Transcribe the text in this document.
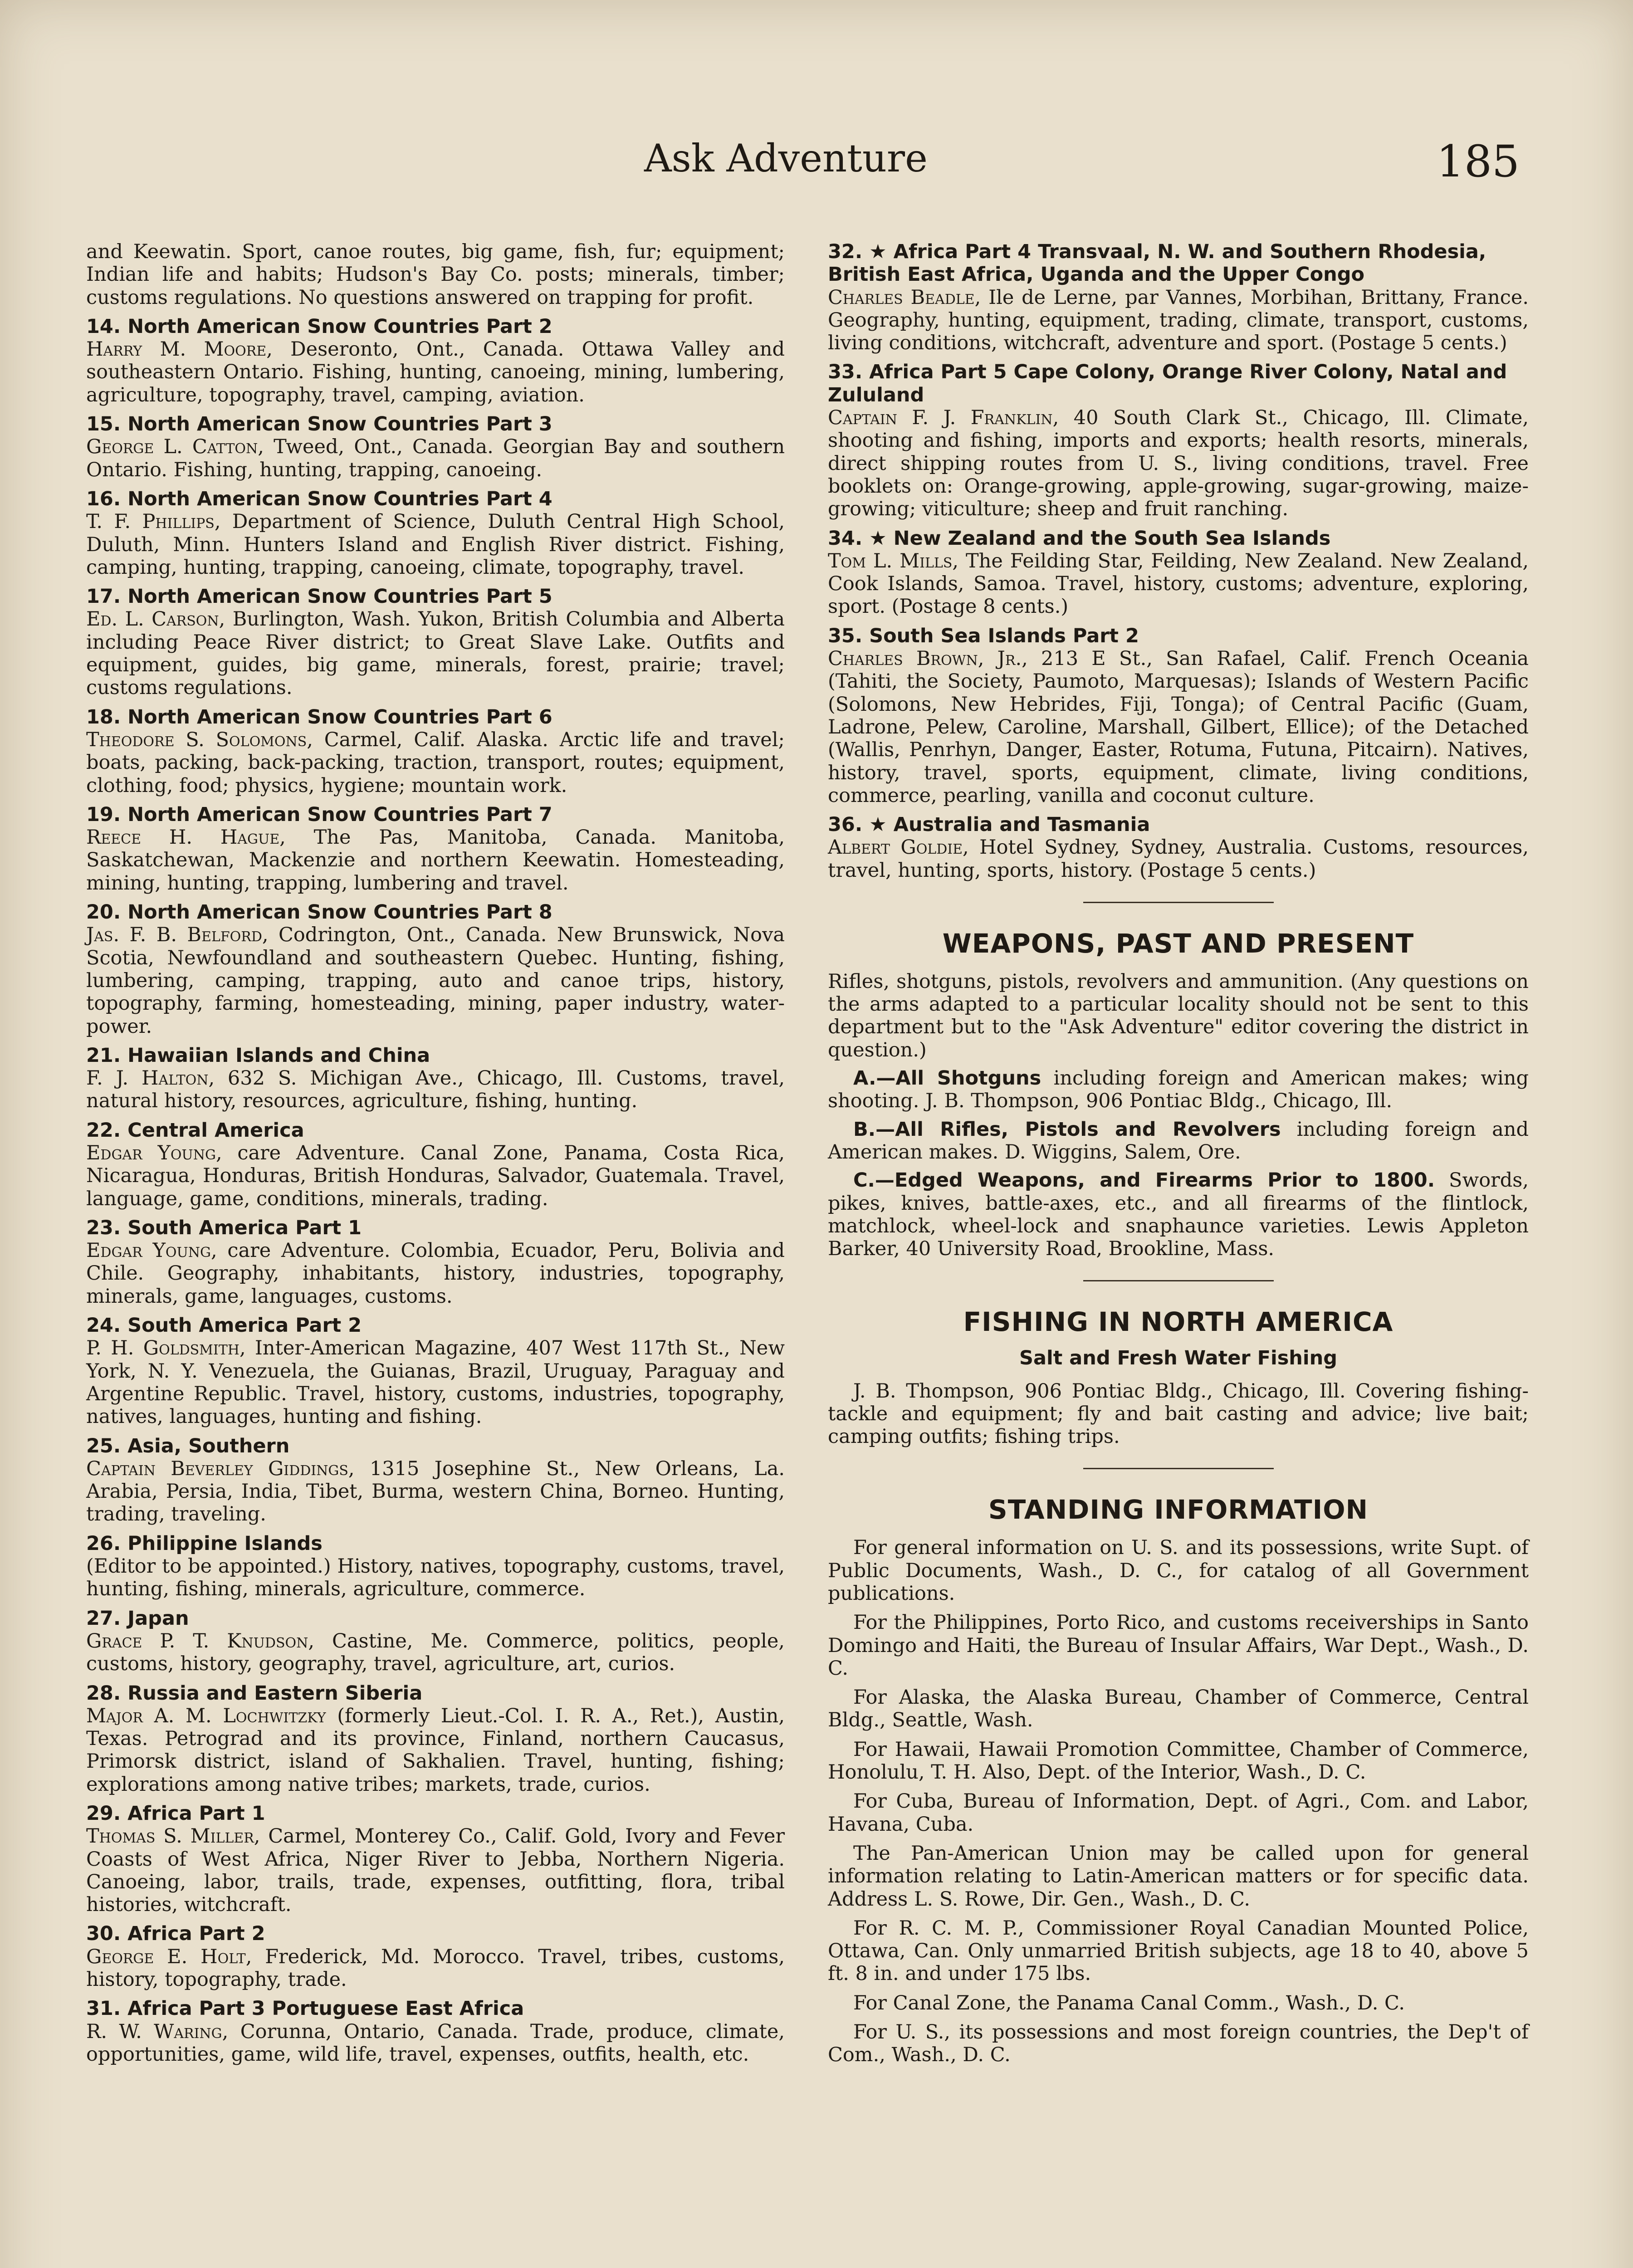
Ask Adventure	185
and Keewatin. Sport, canoe routes, big game, fish, fur; equipment; Indian life and habits; Hudson's Bay Co. posts; minerals, timber; customs regulations. No questions answered on trapping for profit.
14. North American Snow Countries Part 2
Harry M. Moore, Deseronto, Ont., Canada. Ottawa Valley and southeastern Ontario. Fishing, hunting, canoeing, mining, lumbering, agriculture, topography, travel, camping, aviation.
15. North American Snow Countries Part 3
George L. Catton, Tweed, Ont., Canada. Georgian Bay and southern Ontario. Fishing, hunting, trapping, canoeing.
16. North American Snow Countries Part 4
T. F. Phillips, Department of Science, Duluth Central High School, Duluth, Minn. Hunters Island and English River district. Fishing, camping, hunting, trapping, canoeing, climate, topography, travel.
17. North American Snow Countries Part 5
Ed. L. Carson, Burlington, Wash. Yukon, British Columbia and Alberta including Peace River district; to Great Slave Lake. Outfits and equipment, guides, big game, minerals, forest, prairie; travel; customs regulations.
18. North American Snow Countries Part 6
Theodore S. Solomons, Carmel, Calif. Alaska. Arctic life and travel; boats, packing, back-packing, traction, transport, routes; equipment, clothing, food; physics, hygiene; mountain work.
19. North American Snow Countries Part 7
Reece H. Hague, The Pas, Manitoba, Canada. Manitoba, Saskatchewan, Mackenzie and northern Keewatin. Homesteading, mining, hunting, trapping, lumbering and travel.
20. North American Snow Countries Part 8
Jas. F. B. Belford, Codrington, Ont., Canada. New Brunswick, Nova Scotia, Newfoundland and southeastern Quebec. Hunting, fishing, lumbering, camping, trapping, auto and canoe trips, history, topography, farming, homesteading, mining, paper industry, water-power.
21. Hawaiian Islands and China
F. J. Halton, 632 S. Michigan Ave., Chicago, Ill. Customs, travel, natural history, resources, agriculture, fishing, hunting.
22. Central America
Edgar Young, care Adventure. Canal Zone, Panama, Costa Rica, Nicaragua, Honduras, British Honduras, Salvador, Guatemala. Travel, language, game, conditions, minerals, trading.
23. South America Part 1
Edgar Young, care Adventure. Colombia, Ecuador, Peru, Bolivia and Chile. Geography, inhabitants, history, industries, topography, minerals, game, languages, customs.
24. South America Part 2
P. H. Goldsmith, Inter-American Magazine, 407 West 117th St., New York, N. Y. Venezuela, the Guianas, Brazil, Uruguay, Paraguay and Argentine Republic. Travel, history, customs, industries, topography, natives, languages, hunting and fishing.
25. Asia, Southern
Captain Beverley Giddings, 1315 Josephine St., New Orleans, La. Arabia, Persia, India, Tibet, Burma, western China, Borneo. Hunting, trading, traveling.
26. Philippine Islands
(Editor to be appointed.) History, natives, topography, customs, travel, hunting, fishing, minerals, agriculture, commerce.
27. Japan
Grace P. T. Knudson, Castine, Me. Commerce, politics, people, customs, history, geography, travel, agriculture, art, curios.
28. Russia and Eastern Siberia
Major A. M. Lochwitzky (formerly Lieut.-Col. I. R. A., Ret.), Austin, Texas. Petrograd and its province, Finland, northern Caucasus, Primorsk district, island of Sakhalien. Travel, hunting, fishing; explorations among native tribes; markets, trade, curios.
29. Africa Part 1
Thomas S. Miller, Carmel, Monterey Co., Calif. Gold, Ivory and Fever Coasts of West Africa, Niger River to Jebba, Northern Nigeria. Canoeing, labor, trails, trade, expenses, outfitting, flora, tribal histories, witchcraft.
30. Africa Part 2
George E. Holt, Frederick, Md. Morocco. Travel, tribes, customs, history, topography, trade.
31. Africa Part 3 Portuguese East Africa
R. W. Waring, Corunna, Ontario, Canada. Trade, produce, climate, opportunities, game, wild life, travel, expenses, outfits, health, etc.
32. ★ Africa Part 4 Transvaal, N. W. and Southern Rhodesia, British East Africa, Uganda and the Upper Congo
Charles Beadle, Ile de Lerne, par Vannes, Morbihan, Brittany, France. Geography, hunting, equipment, trading, climate, transport, customs, living conditions, witchcraft, adventure and sport. (Postage 5 cents.)
33. Africa Part 5 Cape Colony, Orange River Colony, Natal and Zululand
Captain F. J. Franklin, 40 South Clark St., Chicago, Ill. Climate, shooting and fishing, imports and exports; health resorts, minerals, direct shipping routes from U. S., living conditions, travel. Free booklets on: Orange-growing, apple-growing, sugar-growing, maize-growing; viticulture; sheep and fruit ranching.
34. ★ New Zealand and the South Sea Islands
Tom L. Mills, The Feilding Star, Feilding, New Zealand. New Zealand, Cook Islands, Samoa. Travel, history, customs; adventure, exploring, sport. (Postage 8 cents.)
35. South Sea Islands Part 2
Charles Brown, Jr., 213 E St., San Rafael, Calif. French Oceania (Tahiti, the Society, Paumoto, Marquesas); Islands of Western Pacific (Solomons, New Hebrides, Fiji, Tonga); of Central Pacific (Guam, Ladrone, Pelew, Caroline, Marshall, Gilbert, Ellice); of the Detached (Wallis, Penrhyn, Danger, Easter, Rotuma, Futuna, Pitcairn). Natives, history, travel, sports, equipment, climate, living conditions, commerce, pearling, vanilla and coconut culture.
36. ★ Australia and Tasmania
Albert Goldie, Hotel Sydney, Sydney, Australia. Customs, resources, travel, hunting, sports, history. (Postage 5 cents.)
WEAPONS, PAST AND PRESENT
Rifles, shotguns, pistols, revolvers and ammunition. (Any questions on the arms adapted to a particular locality should not be sent to this department but to the "Ask Adventure" editor covering the district in question.)
A.—All Shotguns including foreign and American makes; wing shooting. J. B. Thompson, 906 Pontiac Bldg., Chicago, Ill.
B.—All Rifles, Pistols and Revolvers including foreign and American makes. D. Wiggins, Salem, Ore.
C.—Edged Weapons, and Firearms Prior to 1800. Swords, pikes, knives, battle-axes, etc., and all firearms of the flintlock, matchlock, wheel-lock and snaphaunce varieties. Lewis Appleton Barker, 40 University Road, Brookline, Mass.
FISHING IN NORTH AMERICA
Salt and Fresh Water Fishing
J. B. Thompson, 906 Pontiac Bldg., Chicago, Ill. Covering fishing-tackle and equipment; fly and bait casting and advice; live bait; camping outfits; fishing trips.
STANDING INFORMATION
For general information on U. S. and its possessions, write Supt. of Public Documents, Wash., D. C., for catalog of all Government publications.
For the Philippines, Porto Rico, and customs receiverships in Santo Domingo and Haiti, the Bureau of Insular Affairs, War Dept., Wash., D. C.
For Alaska, the Alaska Bureau, Chamber of Commerce, Central Bldg., Seattle, Wash.
For Hawaii, Hawaii Promotion Committee, Chamber of Commerce, Honolulu, T. H. Also, Dept. of the Interior, Wash., D. C.
For Cuba, Bureau of Information, Dept. of Agri., Com. and Labor, Havana, Cuba.
The Pan-American Union may be called upon for general information relating to Latin-American matters or for specific data. Address L. S. Rowe, Dir. Gen., Wash., D. C.
For R. C. M. P., Commissioner Royal Canadian Mounted Police, Ottawa, Can. Only unmarried British subjects, age 18 to 40, above 5 ft. 8 in. and under 175 lbs.
For Canal Zone, the Panama Canal Comm., Wash., D. C.
For U. S., its possessions and most foreign countries, the Dep't of Com., Wash., D. C.
